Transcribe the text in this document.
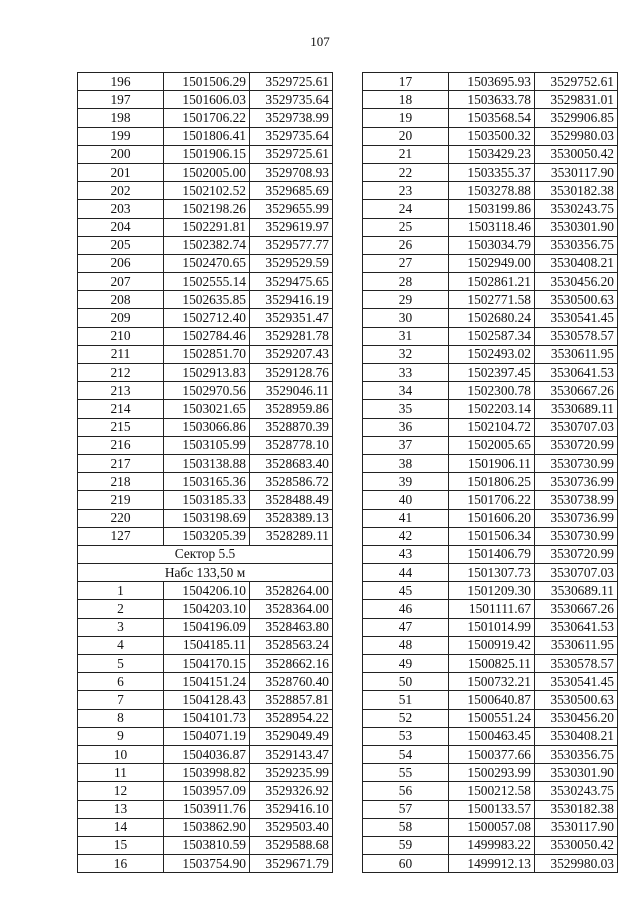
107
196	1501506.29	3529725.61
197	1501606.03	3529735.64
198	1501706.22	3529738.99
199	1501806.41	3529735.64
200	1501906.15	3529725.61
201	1502005.00	3529708.93
202	1502102.52	3529685.69
203	1502198.26	3529655.99
204	1502291.81	3529619.97
205	1502382.74	3529577.77
206	1502470.65	3529529.59
207	1502555.14	3529475.65
208	1502635.85	3529416.19
209	1502712.40	3529351.47
210	1502784.46	3529281.78
211	1502851.70	3529207.43
212	1502913.83	3529128.76
213	1502970.56	3529046.11
214	1503021.65	3528959.86
215	1503066.86	3528870.39
216	1503105.99	3528778.10
217	1503138.88	3528683.40
218	1503165.36	3528586.72
219	1503185.33	3528488.49
220	1503198.69	3528389.13
127	1503205.39	3528289.11
Сектор 5.5		
Набс 133,50 м		
1	1504206.10	3528264.00
2	1504203.10	3528364.00
3	1504196.09	3528463.80
4	1504185.11	3528563.24
5	1504170.15	3528662.16
6	1504151.24	3528760.40
7	1504128.43	3528857.81
8	1504101.73	3528954.22
9	1504071.19	3529049.49
10	1504036.87	3529143.47
11	1503998.82	3529235.99
12	1503957.09	3529326.92
13	1503911.76	3529416.10
14	1503862.90	3529503.40
15	1503810.59	3529588.68
16	1503754.90	3529671.79
17	1503695.93	3529752.61
18	1503633.78	3529831.01
19	1503568.54	3529906.85
20	1503500.32	3529980.03
21	1503429.23	3530050.42
22	1503355.37	3530117.90
23	1503278.88	3530182.38
24	1503199.86	3530243.75
25	1503118.46	3530301.90
26	1503034.79	3530356.75
27	1502949.00	3530408.21
28	1502861.21	3530456.20
29	1502771.58	3530500.63
30	1502680.24	3530541.45
31	1502587.34	3530578.57
32	1502493.02	3530611.95
33	1502397.45	3530641.53
34	1502300.78	3530667.26
35	1502203.14	3530689.11
36	1502104.72	3530707.03
37	1502005.65	3530720.99
38	1501906.11	3530730.99
39	1501806.25	3530736.99
40	1501706.22	3530738.99
41	1501606.20	3530736.99
42	1501506.34	3530730.99
43	1501406.79	3530720.99
44	1501307.73	3530707.03
45	1501209.30	3530689.11
46	1501111.67	3530667.26
47	1501014.99	3530641.53
48	1500919.42	3530611.95
49	1500825.11	3530578.57
50	1500732.21	3530541.45
51	1500640.87	3530500.63
52	1500551.24	3530456.20
53	1500463.45	3530408.21
54	1500377.66	3530356.75
55	1500293.99	3530301.90
56	1500212.58	3530243.75
57	1500133.57	3530182.38
58	1500057.08	3530117.90
59	1499983.22	3530050.42
60	1499912.13	3529980.03
